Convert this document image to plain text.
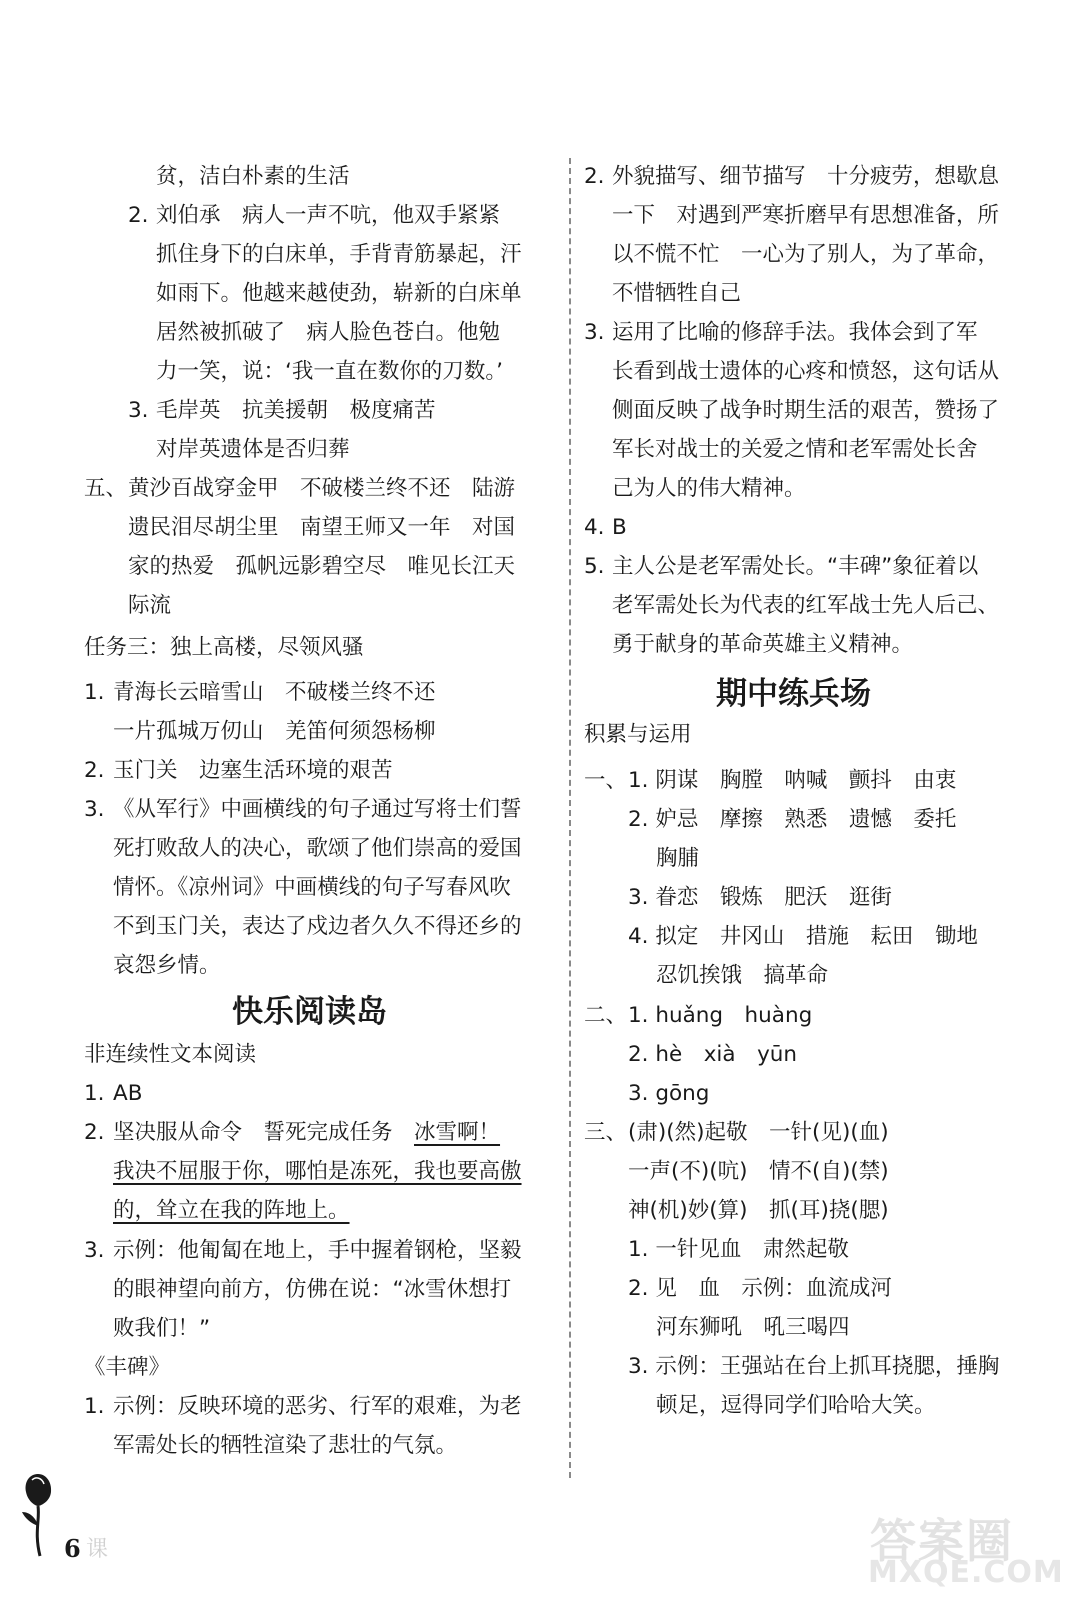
贫，洁白朴素的生活
2. 刘伯承　病人一声不吭，他双手紧紧
抓住身下的白床单，手背青筋暴起，汗
如雨下。他越来越使劲，崭新的白床单
居然被抓破了　病人脸色苍白。他勉
力一笑，说：‘我一直在数你的刀数。’
3. 毛岸英　抗美援朝　极度痛苦
对岸英遗体是否归葬
五、 黄沙百战穿金甲　不破楼兰终不还　陆游
遗民泪尽胡尘里　南望王师又一年　对国
家的热爱　孤帆远影碧空尽　唯见长江天
际流
任务三：独上高楼，尽领风骚
1. 青海长云暗雪山　不破楼兰终不还
一片孤城万仞山　羌笛何须怨杨柳
2. 玉门关　边塞生活环境的艰苦
3. 《从军行》中画横线的句子通过写将士们誓
死打败敌人的决心，歌颂了他们崇高的爱国
情怀。《凉州词》中画横线的句子写春风吹
不到玉门关，表达了戍边者久久不得还乡的
哀怨乡情。
快乐阅读岛
非连续性文本阅读
1. AB
2. 坚决服从命令　誓死完成任务　冰雪啊！
我决不屈服于你，哪怕是冻死，我也要高傲
的，耸立在我的阵地上。
3. 示例：他匍匐在地上，手中握着钢枪，坚毅
的眼神望向前方，仿佛在说：“冰雪休想打
败我们！”
《丰碑》
1. 示例：反映环境的恶劣、行军的艰难，为老
军需处长的牺牲渲染了悲壮的气氛。
2. 外貌描写、细节描写　十分疲劳，想歇息
一下　对遇到严寒折磨早有思想准备，所
以不慌不忙　一心为了别人，为了革命，
不惜牺牲自己
3. 运用了比喻的修辞手法。我体会到了军
长看到战士遗体的心疼和愤怒，这句话从
侧面反映了战争时期生活的艰苦，赞扬了
军长对战士的关爱之情和老军需处长舍
己为人的伟大精神。
4. B
5. 主人公是老军需处长。“丰碑”象征着以
老军需处长为代表的红军战士先人后己、
勇于献身的革命英雄主义精神。
期中练兵场
积累与运用
一、 1. 阴谋　胸膛　呐喊　颤抖　由衷
2. 妒忌　摩擦　熟悉　遗憾　委托
胸脯
3. 眷恋　锻炼　肥沃　逛街
4. 拟定　井冈山　措施　耘田　锄地
忍饥挨饿　搞革命
二、 1. huǎng　huàng
2. hè　xià　yūn
3. gōng
三、 (肃)(然)起敬　一针(见)(血)
一声(不)(吭)　情不(自)(禁)
神(机)妙(算)　抓(耳)挠(腮)
1. 一针见血　肃然起敬
2. 见　血　示例：血流成河
河东狮吼　吼三喝四
3. 示例：王强站在台上抓耳挠腮，捶胸
顿足，逗得同学们哈哈大笑。
6 课	答案圈
MXQE.COM
